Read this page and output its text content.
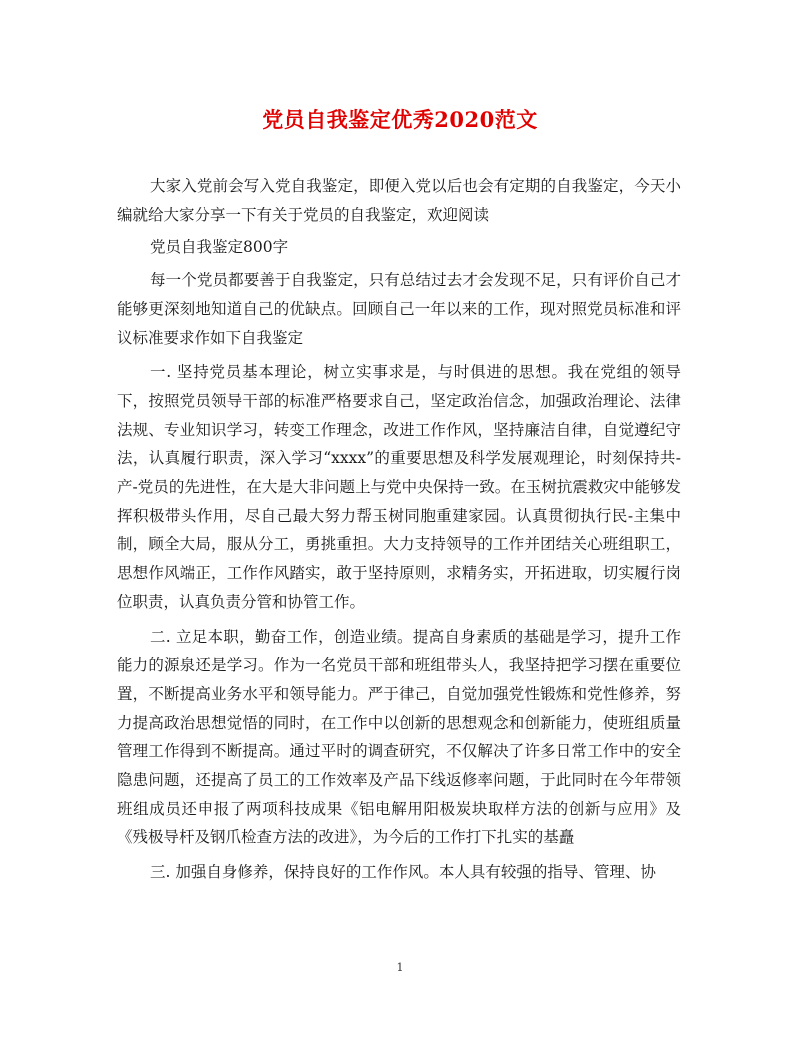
党员自我鉴定优秀2020范文

大家入党前会写入党自我鉴定，即便入党以后也会有定期的自我鉴定，今天小编就给大家分享一下有关于党员的自我鉴定，欢迎阅读

党员自我鉴定800字

每一个党员都要善于自我鉴定，只有总结过去才会发现不足，只有评价自己才能够更深刻地知道自己的优缺点。回顾自己一年以来的工作，现对照党员标准和评议标准要求作如下自我鉴定

一. 坚持党员基本理论，树立实事求是，与时俱进的思想。我在党组的领导下，按照党员领导干部的标准严格要求自己，坚定政治信念，加强政治理论、法律法规、专业知识学习，转变工作理念，改进工作作风，坚持廉洁自律，自觉遵纪守法，认真履行职责，深入学习“xxxx”的重要思想及科学发展观理论，时刻保持共-产-党员的先进性，在大是大非问题上与党中央保持一致。在玉树抗震救灾中能够发挥积极带头作用，尽自己最大努力帮玉树同胞重建家园。认真贯彻执行民-主集中制，顾全大局，服从分工，勇挑重担。大力支持领导的工作并团结关心班组职工，思想作风端正，工作作风踏实，敢于坚持原则，求精务实，开拓进取，切实履行岗位职责，认真负责分管和协管工作。

二. 立足本职，勤奋工作，创造业绩。提高自身素质的基础是学习，提升工作能力的源泉还是学习。作为一名党员干部和班组带头人，我坚持把学习摆在重要位置，不断提高业务水平和领导能力。严于律己，自觉加强党性锻炼和党性修养，努力提高政治思想觉悟的同时，在工作中以创新的思想观念和创新能力，使班组质量管理工作得到不断提高。通过平时的调查研究，不仅解决了许多日常工作中的安全隐患问题，还提高了员工的工作效率及产品下线返修率问题，于此同时在今年带领班组成员还申报了两项科技成果《铝电解用阳极炭块取样方法的创新与应用》及《残极导杆及钢爪检查方法的改进》，为今后的工作打下扎实的基矗

三. 加强自身修养，保持良好的工作作风。本人具有较强的指导、管理、协

1
